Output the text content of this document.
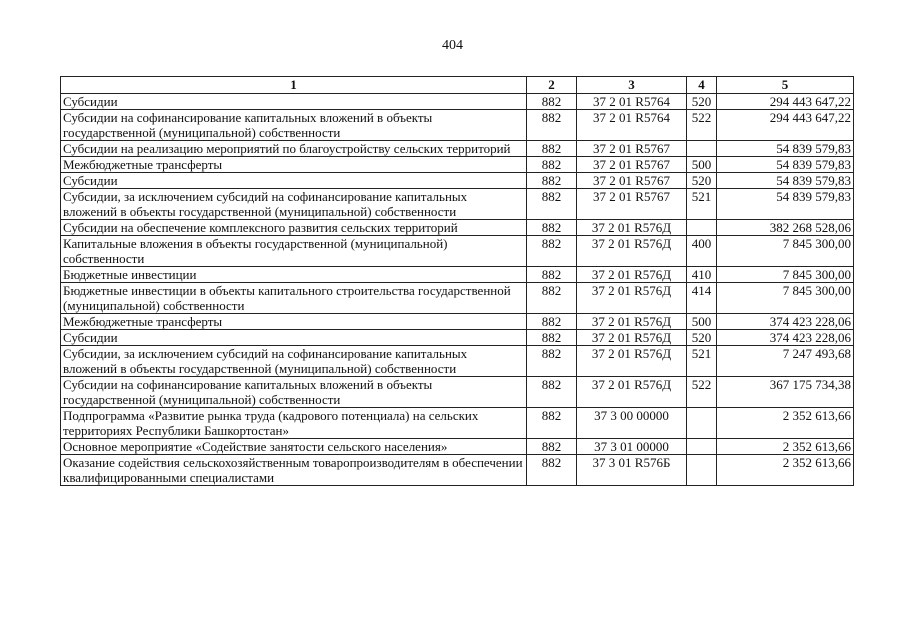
404
1	2	3	4	5
Субсидии	882	37 2 01 R5764	520	294 443 647,22
Субсидии на софинансирование капитальных вложений в объекты государственной (муниципальной) собственности	882	37 2 01 R5764	522	294 443 647,22
Субсидии на реализацию мероприятий по благоустройству сельских территорий	882	37 2 01 R5767		54 839 579,83
Межбюджетные трансферты	882	37 2 01 R5767	500	54 839 579,83
Субсидии	882	37 2 01 R5767	520	54 839 579,83
Субсидии, за исключением субсидий на софинансирование капитальных вложений в объекты государственной (муниципальной) собственности	882	37 2 01 R5767	521	54 839 579,83
Субсидии на обеспечение комплексного развития сельских территорий	882	37 2 01 R576Д		382 268 528,06
Капитальные вложения в объекты государственной (муниципальной) собственности	882	37 2 01 R576Д	400	7 845 300,00
Бюджетные инвестиции	882	37 2 01 R576Д	410	7 845 300,00
Бюджетные инвестиции в объекты капитального строительства государственной (муниципальной) собственности	882	37 2 01 R576Д	414	7 845 300,00
Межбюджетные трансферты	882	37 2 01 R576Д	500	374 423 228,06
Субсидии	882	37 2 01 R576Д	520	374 423 228,06
Субсидии, за исключением субсидий на софинансирование капитальных вложений в объекты государственной (муниципальной) собственности	882	37 2 01 R576Д	521	7 247 493,68
Субсидии на софинансирование капитальных вложений в объекты государственной (муниципальной) собственности	882	37 2 01 R576Д	522	367 175 734,38
Подпрограмма «Развитие рынка труда (кадрового потенциала) на сельских территориях Республики Башкортостан»	882	37 3 00 00000		2 352 613,66
Основное мероприятие «Содействие занятости сельского населения»	882	37 3 01 00000		2 352 613,66
Оказание содействия сельскохозяйственным товаропроизводителям в обеспечении квалифицированными специалистами	882	37 3 01 R576Б		2 352 613,66
